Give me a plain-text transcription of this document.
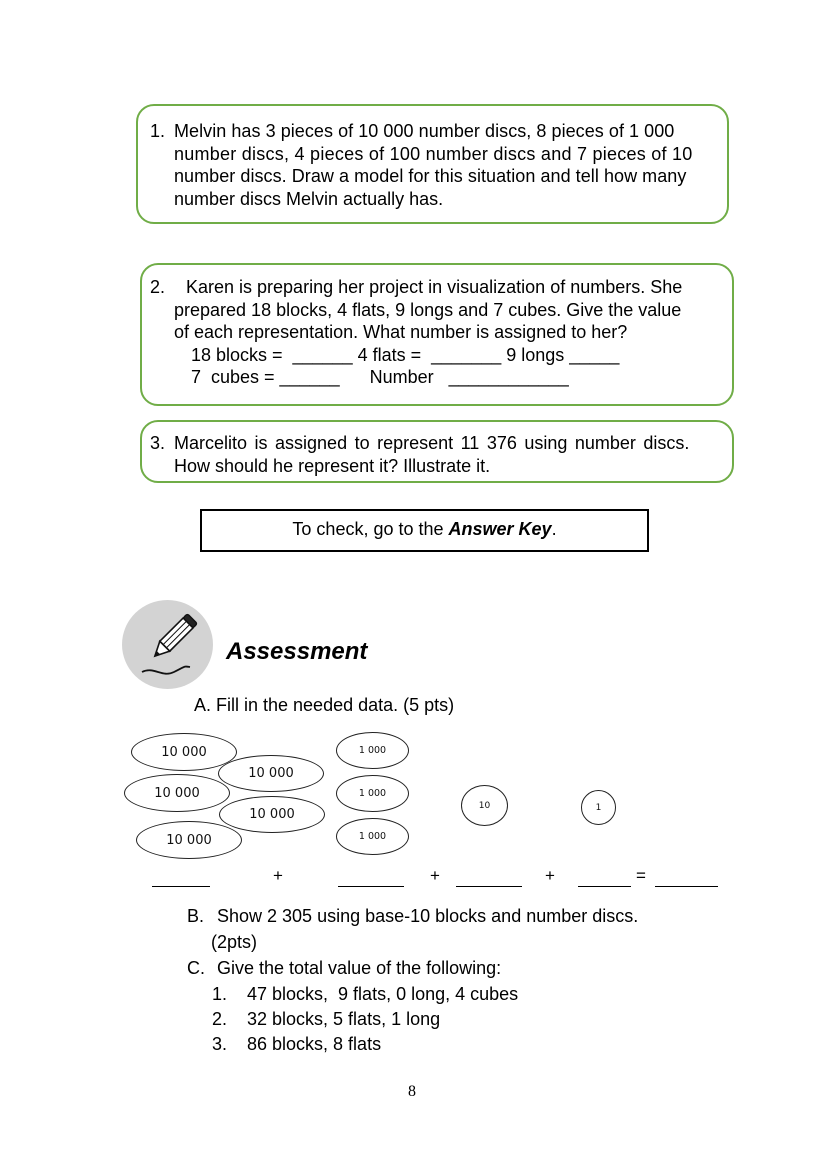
1. Melvin has 3 pieces of 10 000 number discs, 8 pieces of 1 000
number discs, 4 pieces of 100 number discs and 7 pieces of 10
number discs. Draw a model for this situation and tell how many
number discs Melvin actually has.
2. Karen is preparing her project in visualization of numbers. She
prepared 18 blocks, 4 flats, 9 longs and 7 cubes. Give the value
of each representation. What number is assigned to her?
18 blocks =  ______ 4 flats =  _______ 9 longs _____
7  cubes = ______      Number   ____________
3. Marcelito is assigned to represent 11 376 using number discs.
How should he represent it? Illustrate it.
To check, go to the Answer Key.
Assessment
A. Fill in the needed data. (5 pts)
10 000
10 000
10 000
10 000
10 000
1 000
1 000
1 000
10	1
+	+	+	=
B. Show 2 305 using base-10 blocks and number discs.
(2pts)
C. Give the total value of the following:
1. 47 blocks,  9 flats, 0 long, 4 cubes
2. 32 blocks, 5 flats, 1 long
3. 86 blocks, 8 flats
8
